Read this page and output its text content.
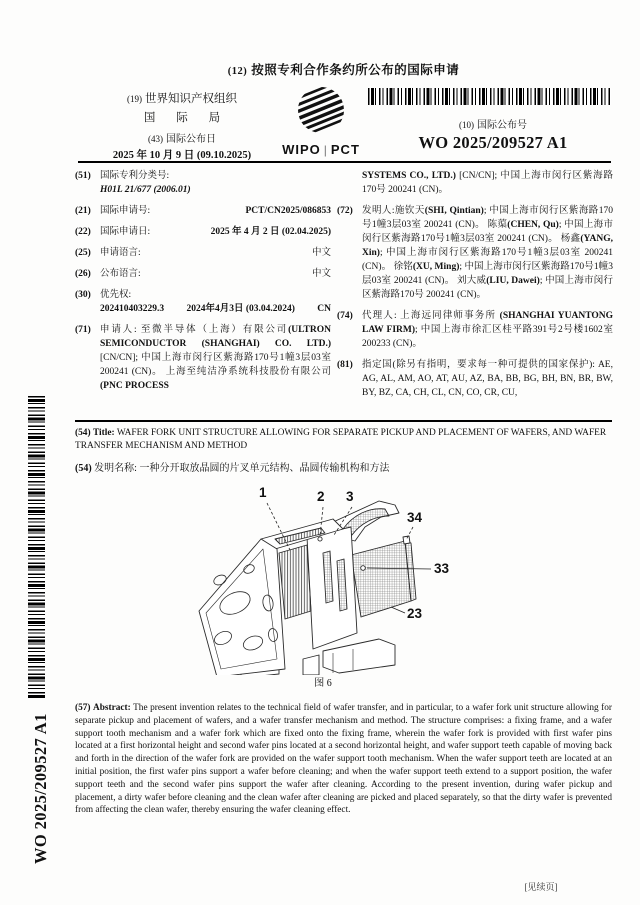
WO 2025/209527 A1
(12) 按照专利合作条约所公布的国际申请
(19) 世界知识产权组织
国 际 局
(43) 国际公布日
2025 年 10 月 9 日 (09.10.2025)	WIPO | PCT
(10) 国际公布号
WO 2025/209527 A1
(51) 国际专利分类号:
H01L 21/677 (2006.01)
(21) 国际申请号:	PCT/CN2025/086853
(22) 国际申请日:	2025 年 4 月 2 日 (02.04.2025)
(25) 申请语言:	中文
(26) 公布语言:	中文
(30) 优先权:
202410403229.3 2024年4月3日 (03.04.2024) CN
(71) 申请人: 至微半导体（上海）有限公司(ULTRON SEMICONDUCTOR (SHANGHAI) CO. LTD.) [CN/CN]; 中国上海市闵行区紫海路170号1幢3层03室 200241 (CN)。 上海至纯洁净系统科技股份有限公司 (PNC PROCESS
SYSTEMS CO., LTD.) [CN/CN]; 中国上海市闵行区紫海路170号 200241 (CN)。
(72) 发明人:施钦天(SHI, Qintian); 中国上海市闵行区紫海路170号1幢3层03室 200241 (CN)。 陈蕖(CHEN, Qu); 中国上海市闵行区紫海路170号1幢3层03室 200241 (CN)。 杨鑫(YANG, Xin); 中国上海市闵行区紫海路170号1幢3层03室 200241 (CN)。 徐铭(XU, Ming); 中国上海市闵行区紫海路170号1幢3层03室 200241 (CN)。 刘大威(LIU, Dawei); 中国上海市闵行区紫海路170号 200241 (CN)。
(74) 代理人: 上海远同律师事务所 (SHANGHAI YUANTONG LAW FIRM); 中国上海市徐汇区桂平路391号2号楼1602室 200233 (CN)。
(81) 指定国(除另有指明，要求每一种可提供的国家保护): AE, AG, AL, AM, AO, AT, AU, AZ, BA, BB, BG, BH, BN, BR, BW, BY, BZ, CA, CH, CL, CN, CO, CR, CU,
(54) Title: WAFER FORK UNIT STRUCTURE ALLOWING FOR SEPARATE PICKUP AND PLACEMENT OF WAFERS, AND WAFER TRANSFER MECHANISM AND METHOD
(54) 发明名称: 一种分开取放晶圆的片叉单元结构、晶圆传输机构和方法
1	2 3
34
33
23
图 6
(57) Abstract: The present invention relates to the technical field of wafer transfer, and in particular, to a wafer fork unit structure allowing for separate pickup and placement of wafers, and a wafer transfer mechanism and method. The structure comprises: a fixing frame, and a wafer support tooth mechanism and a wafer fork which are fixed onto the fixing frame, wherein the wafer fork is provided with first wafer pins located at a first horizontal height and second wafer pins located at a second horizontal height, and wafer support teeth capable of moving back and forth in the direction of the wafer fork are provided on the wafer support tooth mechanism. When the wafer support teeth are located at an initial position, the first wafer pins support a wafer before cleaning; and when the wafer support teeth extend to a support position, the wafer support teeth and the second wafer pins support the wafer after cleaning. According to the present invention, during wafer pickup and placement, a dirty wafer before cleaning and the clean wafer after cleaning are picked and placed separately, so that the dirty wafer is prevented from affecting the clean wafer, thereby ensuring the wafer cleaning effect.
[见续页]
